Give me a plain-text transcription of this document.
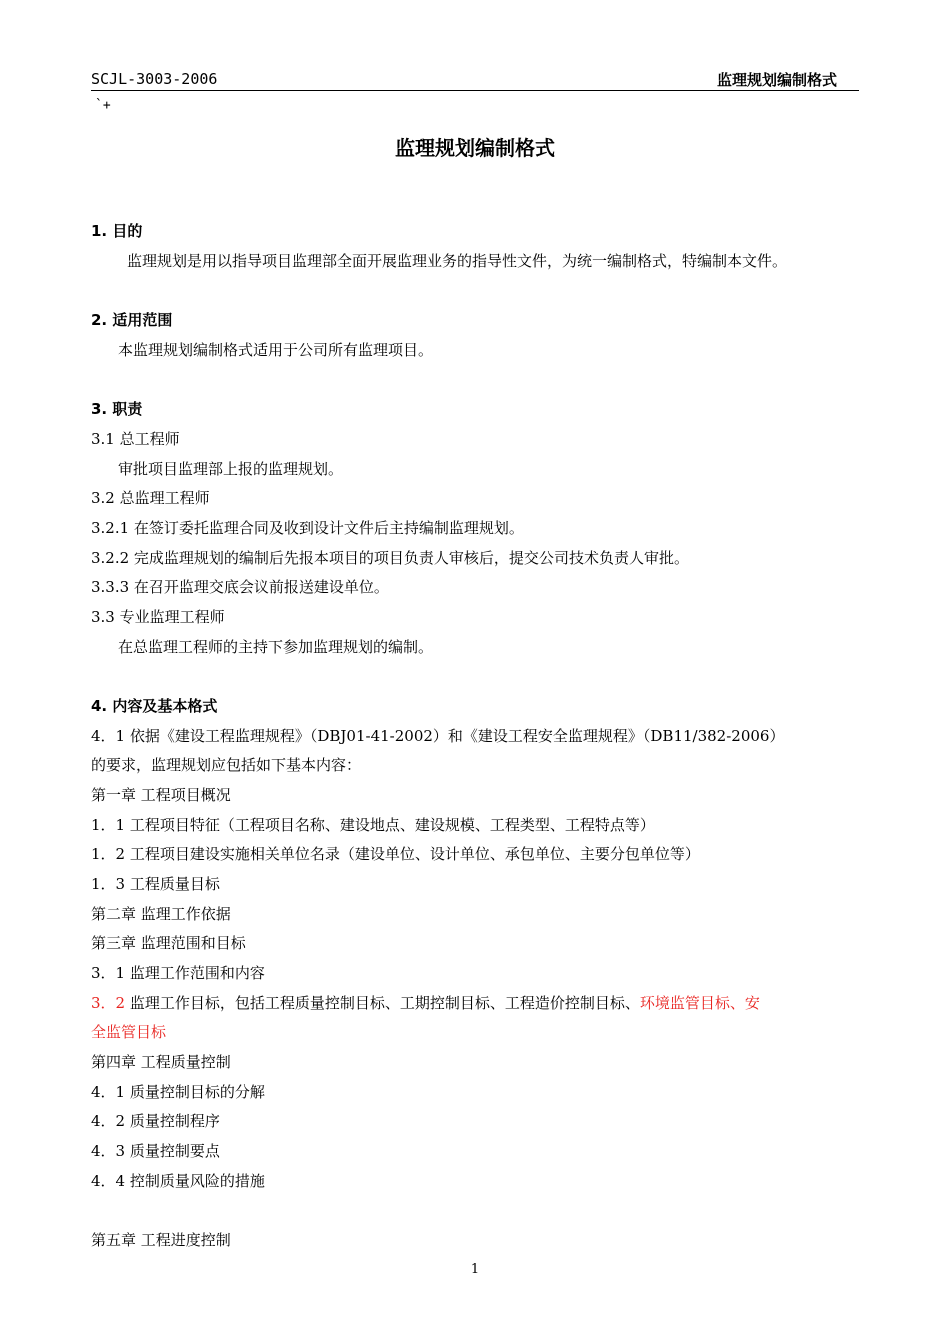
SCJL-3003-2006	监理规划编制格式
`+
监理规划编制格式
1. 目的
监理规划是用以指导项目监理部全面开展监理业务的指导性文件，为统一编制格式，特编制本文件。
2. 适用范围
本监理规划编制格式适用于公司所有监理项目。
3. 职责
3.1 总工程师
审批项目监理部上报的监理规划。
3.2 总监理工程师
3.2.1 在签订委托监理合同及收到设计文件后主持编制监理规划。
3.2.2 完成监理规划的编制后先报本项目的项目负责人审核后，提交公司技术负责人审批。
3.3.3 在召开监理交底会议前报送建设单位。
3.3 专业监理工程师
在总监理工程师的主持下参加监理规划的编制。
4. 内容及基本格式
4．1 依据《建设工程监理规程》（DBJ01-41-2002）和《建设工程安全监理规程》（DB11/382-2006）
的要求，监理规划应包括如下基本内容：
第一章 工程项目概况
1．1 工程项目特征（工程项目名称、建设地点、建设规模、工程类型、工程特点等）
1．2 工程项目建设实施相关单位名录（建设单位、设计单位、承包单位、主要分包单位等）
1．3 工程质量目标
第二章 监理工作依据
第三章 监理范围和目标
3．1 监理工作范围和内容
3．2 监理工作目标，包括工程质量控制目标、工期控制目标、工程造价控制目标、环境监管目标、安
全监管目标
第四章 工程质量控制
4．1 质量控制目标的分解
4．2 质量控制程序
4．3 质量控制要点
4．4 控制质量风险的措施
第五章 工程进度控制
1
